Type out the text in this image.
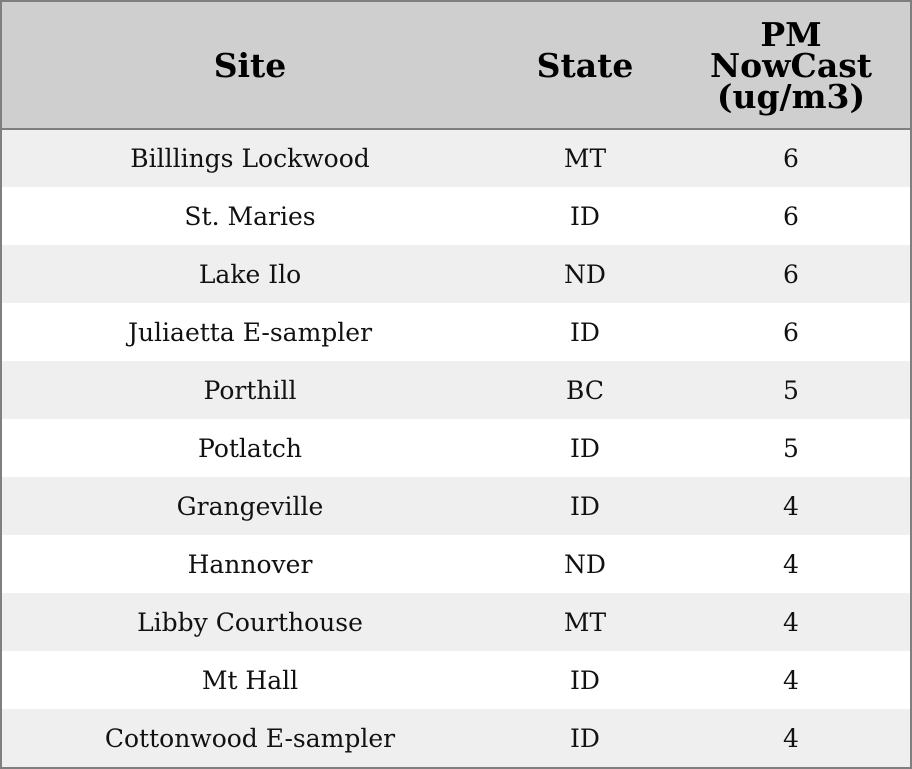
Site	State	PM
NowCast
(ug/m3)

Billlings Lockwood	MT	6
St. Maries	ID	6
Lake Ilo	ND	6
Juliaetta E-sampler	ID	6
Porthill	BC	5
Potlatch	ID	5
Grangeville	ID	4
Hannover	ND	4
Libby Courthouse	MT	4
Mt Hall	ID	4
Cottonwood E-sampler	ID	4
